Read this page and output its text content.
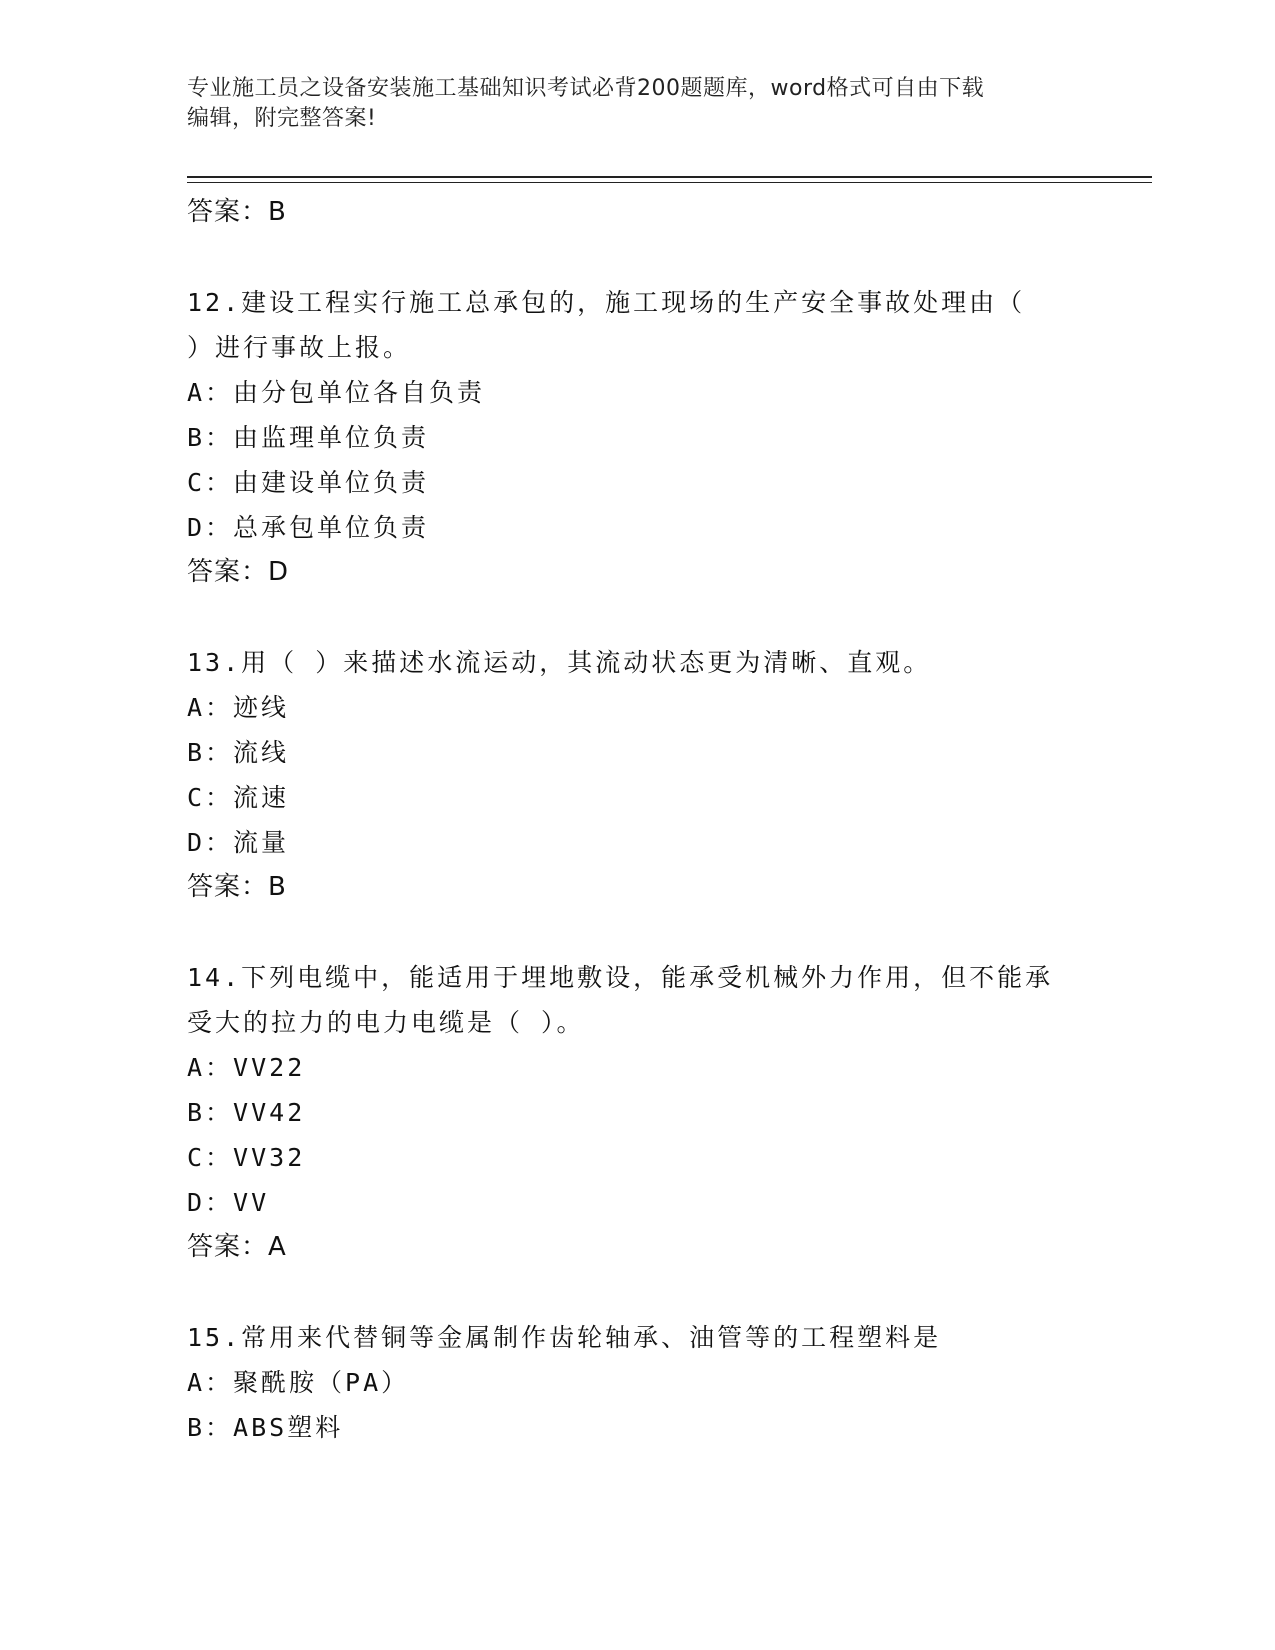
专业施工员之设备安装施工基础知识考试必背200题题库，word格式可自由下载
编辑，附完整答案!
答案：B
12.建设工程实行施工总承包的，施工现场的生产安全事故处理由（
）进行事故上报。
A：由分包单位各自负责
B：由监理单位负责
C：由建设单位负责
D：总承包单位负责
答案：D
13.用（ ）来描述水流运动，其流动状态更为清晰、直观。
A：迹线
B：流线
C：流速
D：流量
答案：B
14.下列电缆中，能适用于埋地敷设，能承受机械外力作用，但不能承
受大的拉力的电力电缆是（ ）。
A：VV22
B：VV42
C：VV32
D：VV
答案：A
15.常用来代替铜等金属制作齿轮轴承、油管等的工程塑料是
A：聚酰胺（PA）
B：ABS塑料
